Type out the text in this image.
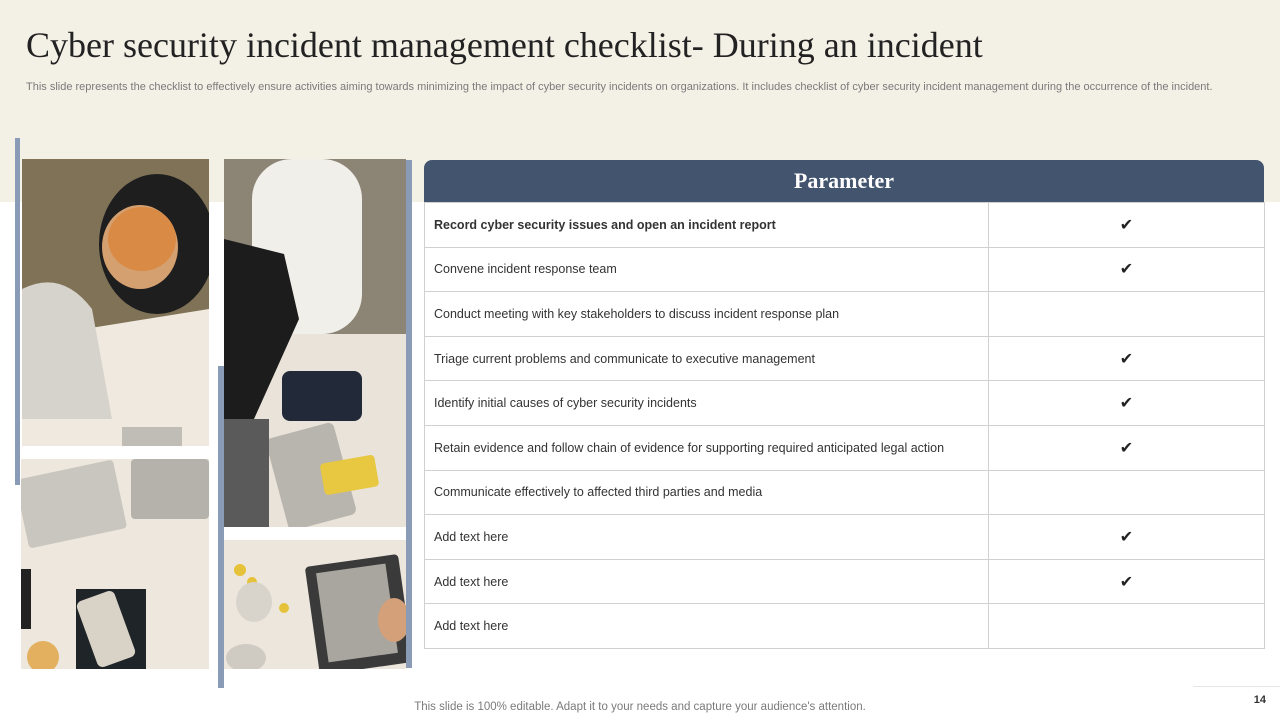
Cyber security incident management checklist- During an incident
This slide represents the checklist to effectively ensure activities aiming towards minimizing the impact of cyber security incidents on organizations. It includes checklist of cyber security incident management during the occurrence of the incident.
Parameter
Record cyber security issues and open an incident report	✔
Convene incident response team	✔
Conduct meeting with key stakeholders to discuss incident response plan	
Triage current problems and communicate to executive management	✔
Identify initial causes of cyber security incidents	✔
Retain evidence and follow chain of evidence for supporting required anticipated legal action	✔
Communicate effectively to affected third parties and media	
Add text here	✔
Add text here	✔
Add text here	
This slide is 100% editable. Adapt it to your needs and capture your audience's attention.
14
